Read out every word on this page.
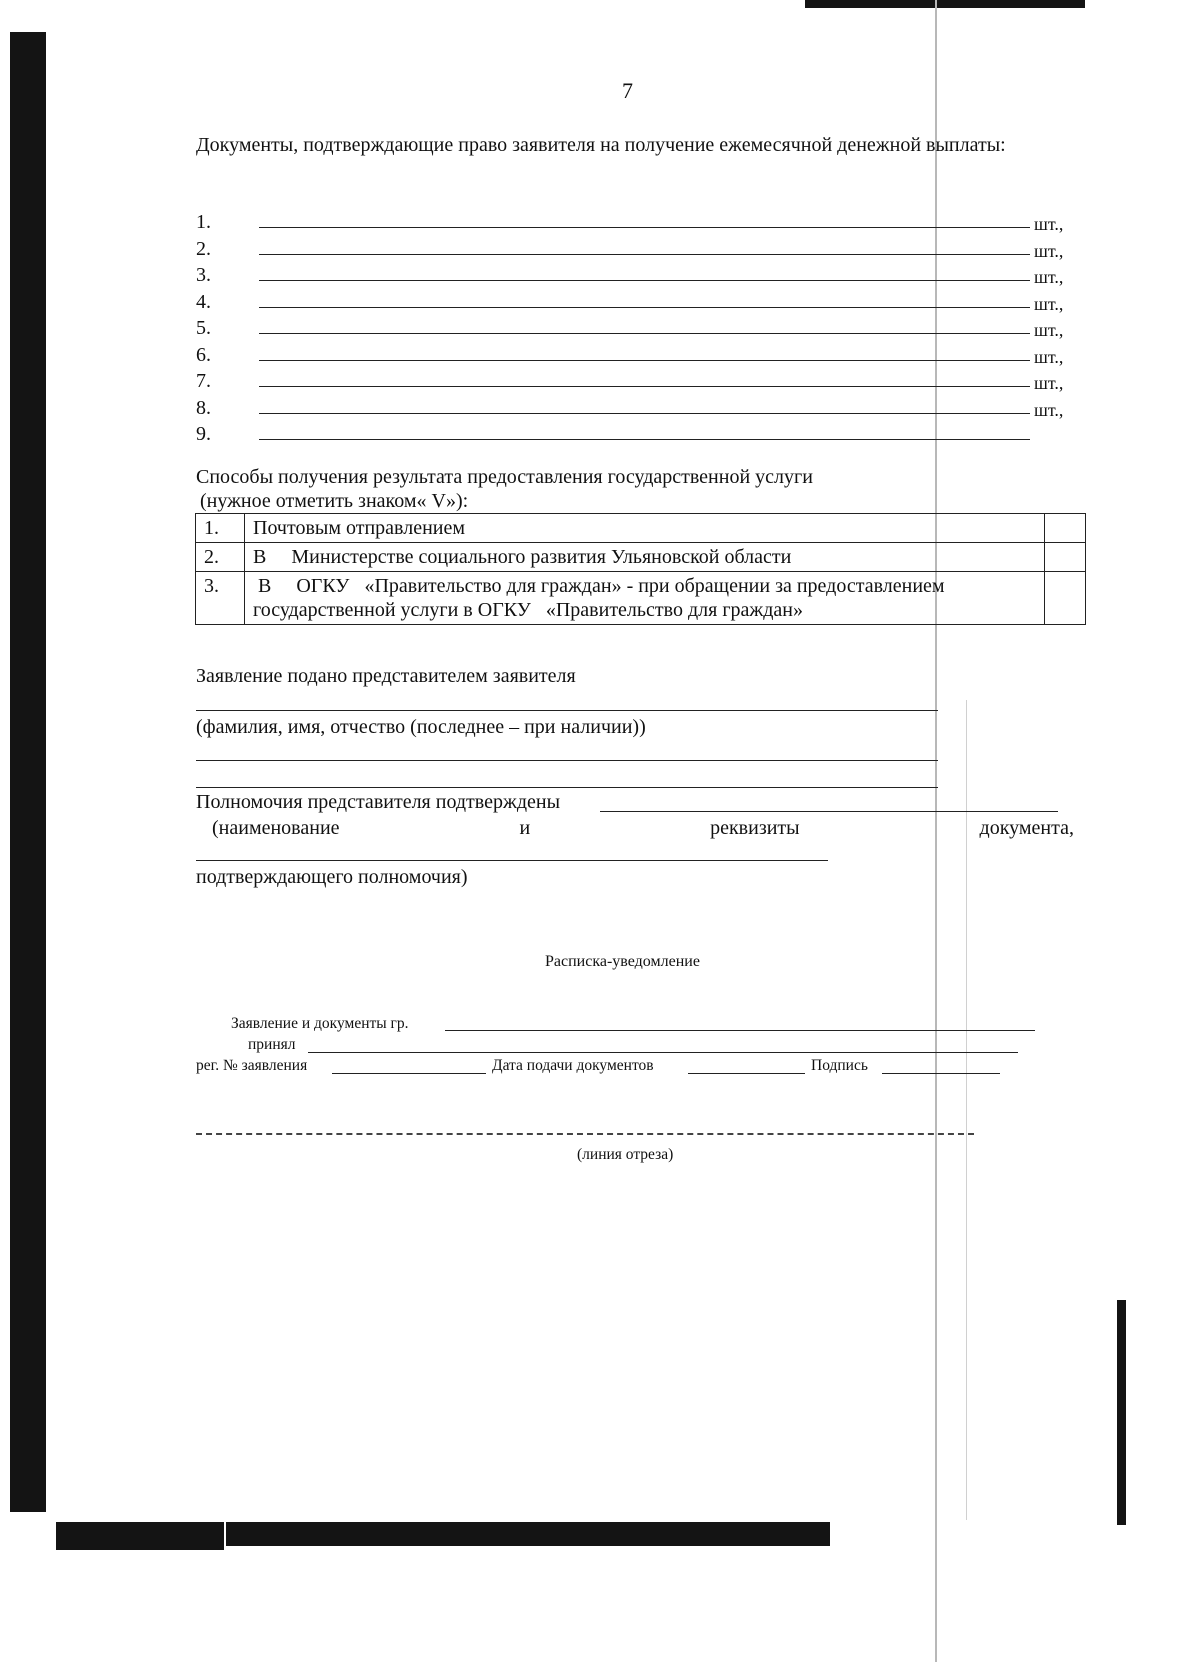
7
Документы, подтверждающие право заявителя на получение ежемесячной денежной выплаты:
1.	шт.,
2.	шт.,
3.	шт.,
4.	шт.,
5.	шт.,
6.	шт.,
7.	шт.,
8.	шт.,
9.
Способы получения результата предоставления государственной услуги
(нужное отметить знаком« V»):
1.	Почтовым отправлением	
2.	В     Министерстве социального развития Ульяновской области	
3.	В     ОГКУ   «Правительство для граждан» - при обращении за предоставлением
государственной услуги в ОГКУ   «Правительство для граждан»	

Заявление подано представителем заявителя
(фамилия, имя, отчество (последнее – при наличии))
Полномочия представителя подтверждены
(наименование	и	реквизиты	документа,
подтверждающего полномочия)
Расписка-уведомление
Заявление и документы гр.
принял
рег. № заявления	Дата подачи документов	Подпись
(линия отреза)
